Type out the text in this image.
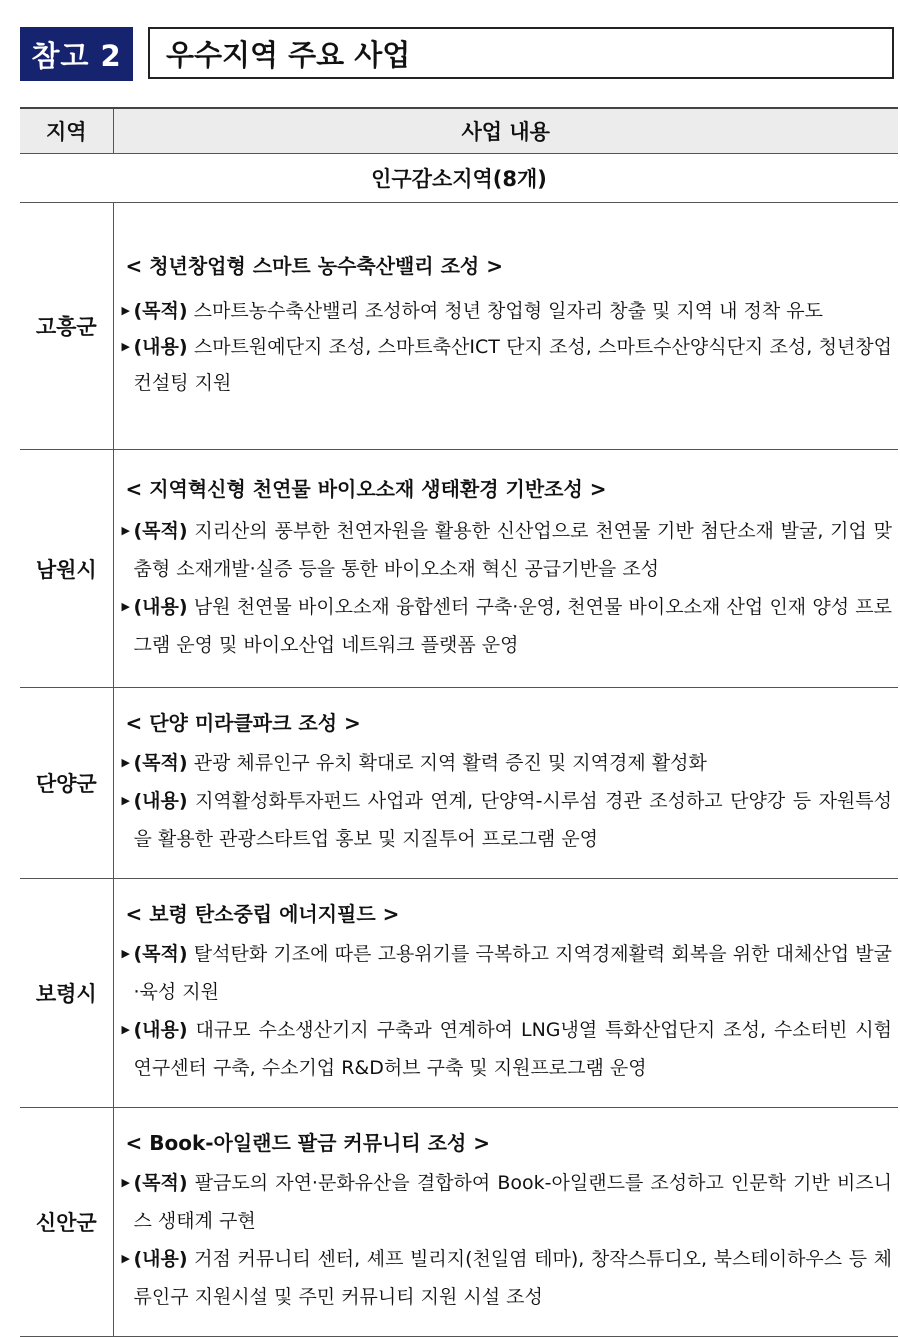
참고 2	우수지역 주요 사업
지역	사업 내용
인구감소지역(8개)	
고흥군	< 청년창업형 스마트 농수축산밸리 조성 >
▶ (목적) 스마트농수축산밸리 조성하여 청년 창업형 일자리 창출 및 지역 내 정착 유도
▶ (내용) 스마트원예단지 조성, 스마트축산ICT 단지 조성, 스마트수산양식단지 조성, 청년창업컨설팅 지원

남원시	< 지역혁신형 천연물 바이오소재 생태환경 기반조성 >
▶ (목적) 지리산의 풍부한 천연자원을 활용한 신산업으로 천연물 기반 첨단소재 발굴, 기업 맞춤형 소재개발·실증 등을 통한 바이오소재 혁신 공급기반을 조성
▶ (내용) 남원 천연물 바이오소재 융합센터 구축·운영, 천연물 바이오소재 산업 인재 양성 프로그램 운영 및 바이오산업 네트워크 플랫폼 운영

단양군	< 단양 미라클파크 조성 >
▶ (목적) 관광 체류인구 유치 확대로 지역 활력 증진 및 지역경제 활성화
▶ (내용) 지역활성화투자펀드 사업과 연계, 단양역-시루섬 경관 조성하고 단양강 등 자원특성을 활용한 관광스타트업 홍보 및 지질투어 프로그램 운영

보령시	< 보령 탄소중립 에너지필드 >
▶ (목적) 탈석탄화 기조에 따른 고용위기를 극복하고 지역경제활력 회복을 위한 대체산업 발굴·육성 지원
▶ (내용) 대규모 수소생산기지 구축과 연계하여 LNG냉열 특화산업단지 조성, 수소터빈 시험연구센터 구축, 수소기업 R&D허브 구축 및 지원프로그램 운영

신안군	< Book-아일랜드 팔금 커뮤니티 조성 >
▶ (목적) 팔금도의 자연·문화유산을 결합하여 Book-아일랜드를 조성하고 인문학 기반 비즈니스 생태계 구현
▶ (내용) 거점 커뮤니티 센터, 셰프 빌리지(천일염 테마), 창작스튜디오, 북스테이하우스 등 체류인구 지원시설 및 주민 커뮤니티 지원 시설 조성
